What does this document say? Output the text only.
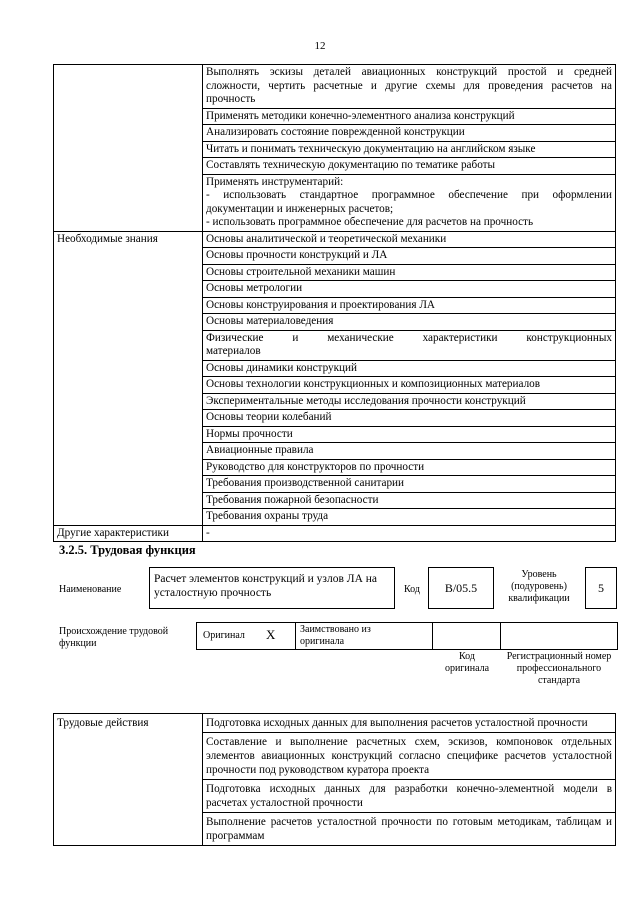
12
	Выполнять эскизы деталей авиационных конструкций простой и средней сложности, чертить расчетные и другие схемы для проведения расчетов на прочность
	Применять методики конечно-элементного анализа конструкций
	Анализировать состояние поврежденной конструкции
	Читать и понимать техническую документацию на английском языке
	Составлять техническую документацию по тематике работы
	Применять инструментарий:
- использовать стандартное программное обеспечение при оформлении документации и инженерных расчетов;
- использовать программное обеспечение для расчетов на прочность
Необходимые знания	Основы аналитической и теоретической механики
	Основы прочности конструкций и ЛА
	Основы строительной механики машин
	Основы метрологии
	Основы конструирования и проектирования ЛА
	Основы материаловедения
	Физические и механические характеристики конструкционных материалов
	Основы динамики конструкций
	Основы технологии конструкционных и композиционных материалов
	Экспериментальные методы исследования прочности конструкций
	Основы теории колебаний
	Нормы прочности
	Авиационные правила
	Руководство для конструкторов по прочности
	Требования производственной санитарии
	Требования пожарной безопасности
	Требования охраны труда
Другие характеристики	-
3.2.5. Трудовая функция
Наименование
Расчет элементов конструкций и узлов ЛА на усталостную прочность	Код B/05.5
Уровень (подуровень) квалификации
5
Происхождение трудовой функции
Оригинал X Заимствовано из оригинала
Код оригинала
Регистрационный номер профессионального стандарта
Трудовые действия	Подготовка исходных данных для выполнения расчетов усталостной прочности
	Составление и выполнение расчетных схем, эскизов, компоновок отдельных элементов авиационных конструкций согласно специфике расчетов усталостной прочности под руководством куратора проекта
	Подготовка исходных данных для разработки конечно-элементной модели в расчетах усталостной прочности
	Выполнение расчетов усталостной прочности по готовым методикам, таблицам и программам
